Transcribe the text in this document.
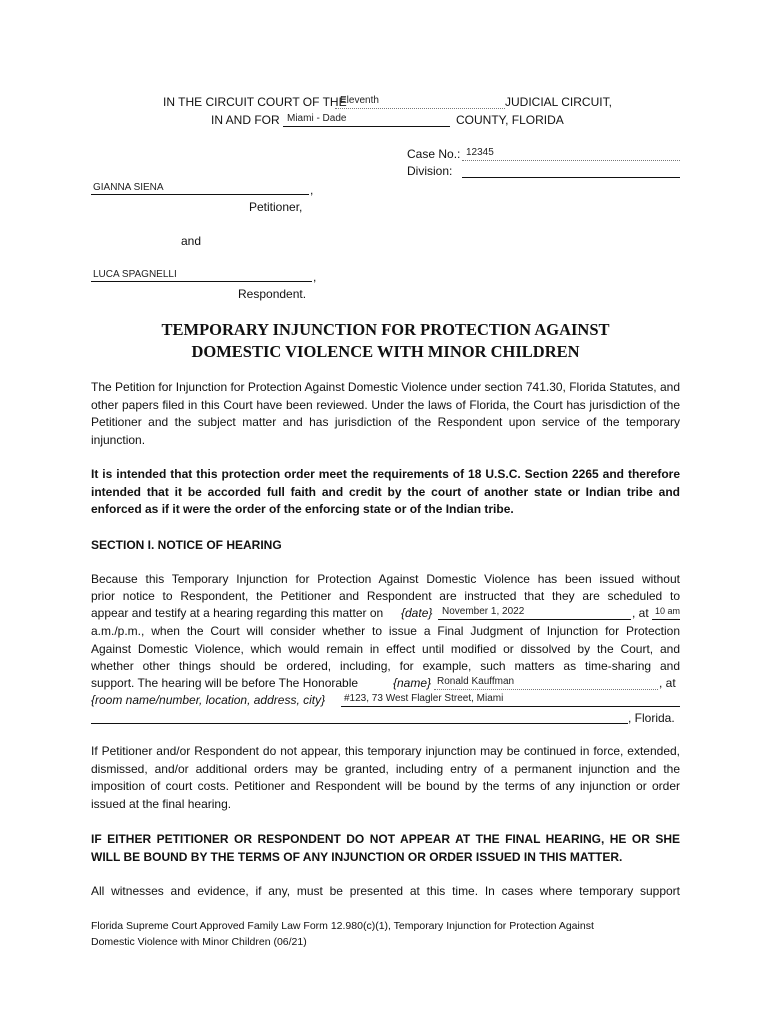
IN THE CIRCUIT COURT OF THE
Eleventh	JUDICIAL CIRCUIT,
IN AND FOR Miami - Dade	COUNTY, FLORIDA
Case No.: 12345
Division:
GIANNA SIENA	,
Petitioner,
and
LUCA SPAGNELLI	,
Respondent.
TEMPORARY INJUNCTION FOR PROTECTION AGAINST
DOMESTIC VIOLENCE WITH MINOR CHILDREN
The Petition for Injunction for Protection Against Domestic Violence under section 741.30, Florida Statutes, and other papers filed in this Court have been reviewed. Under the laws of Florida, the Court has jurisdiction of the Petitioner and the subject matter and has jurisdiction of the Respondent upon service of the temporary injunction.
It is intended that this protection order meet the requirements of 18 U.S.C. Section 2265 and therefore intended that it be accorded full faith and credit by the court of another state or Indian tribe and enforced as if it were the order of the enforcing state or of the Indian tribe.
SECTION I. NOTICE OF HEARING
Because this Temporary Injunction for Protection Against Domestic Violence has been issued without
prior notice to Respondent, the Petitioner and Respondent are instructed that they are scheduled to
appear and testify at a hearing regarding this matter on {date} November 1, 2022	, at 10 am
a.m./p.m., when the Court will consider whether to issue a Final Judgment of Injunction for Protection
Against Domestic Violence, which would remain in effect until modified or dissolved by the Court, and
whether other things should be ordered, including, for example, such matters as time-sharing and
support. The hearing will be before The Honorable	{name} Ronald Kauffman	, at
{room name/number, location, address, city} #123, 73 West Flagler Street, Miami
, Florida.
If Petitioner and/or Respondent do not appear, this temporary injunction may be continued in force, extended, dismissed, and/or additional orders may be granted, including entry of a permanent injunction and the imposition of court costs. Petitioner and Respondent will be bound by the terms of any injunction or order issued at the final hearing.
IF EITHER PETITIONER OR RESPONDENT DO NOT APPEAR AT THE FINAL HEARING, HE OR SHE WILL BE BOUND BY THE TERMS OF ANY INJUNCTION OR ORDER ISSUED IN THIS MATTER.
All witnesses and evidence, if any, must be presented at this time. In cases where temporary support
Florida Supreme Court Approved Family Law Form 12.980(c)(1), Temporary Injunction for Protection Against
Domestic Violence with Minor Children (06/21)
